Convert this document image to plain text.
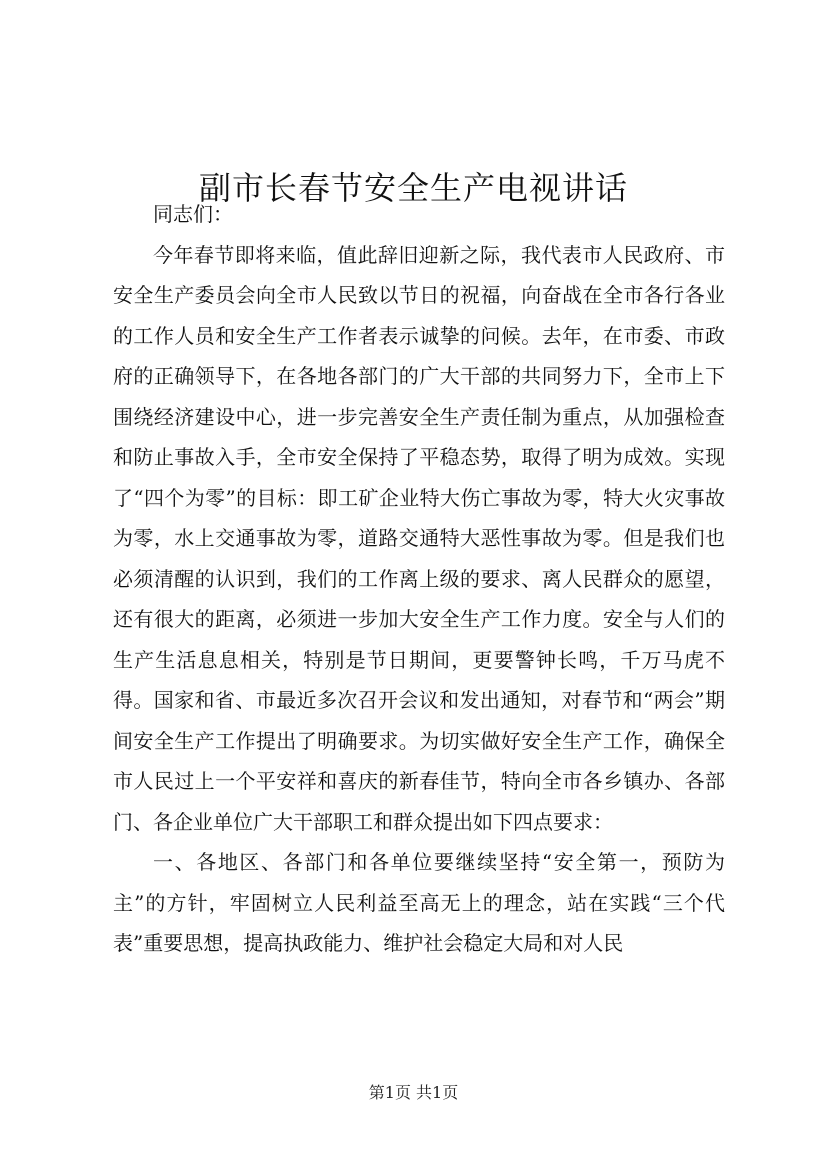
副市长春节安全生产电视讲话

同志们：

今年春节即将来临，值此辞旧迎新之际，我代表市人民政府、市安全生产委员会向全市人民致以节日的祝福，向奋战在全市各行各业的工作人员和安全生产工作者表示诚挚的问候。去年，在市委、市政府的正确领导下，在各地各部门的广大干部的共同努力下，全市上下围绕经济建设中心，进一步完善安全生产责任制为重点，从加强检查和防止事故入手，全市安全保持了平稳态势，取得了明为成效。实现了“四个为零”的目标：即工矿企业特大伤亡事故为零，特大火灾事故为零，水上交通事故为零，道路交通特大恶性事故为零。但是我们也必须清醒的认识到，我们的工作离上级的要求、离人民群众的愿望，还有很大的距离，必须进一步加大安全生产工作力度。安全与人们的生产生活息息相关，特别是节日期间，更要警钟长鸣，千万马虎不得。国家和省、市最近多次召开会议和发出通知，对春节和“两会”期间安全生产工作提出了明确要求。为切实做好安全生产工作，确保全市人民过上一个平安祥和喜庆的新春佳节，特向全市各乡镇办、各部门、各企业单位广大干部职工和群众提出如下四点要求：

一、各地区、各部门和各单位要继续坚持“安全第一，预防为主”的方针，牢固树立人民利益至高无上的理念，站在实践“三个代表”重要思想，提高执政能力、维护社会稳定大局和对人民

第1页 共1页
